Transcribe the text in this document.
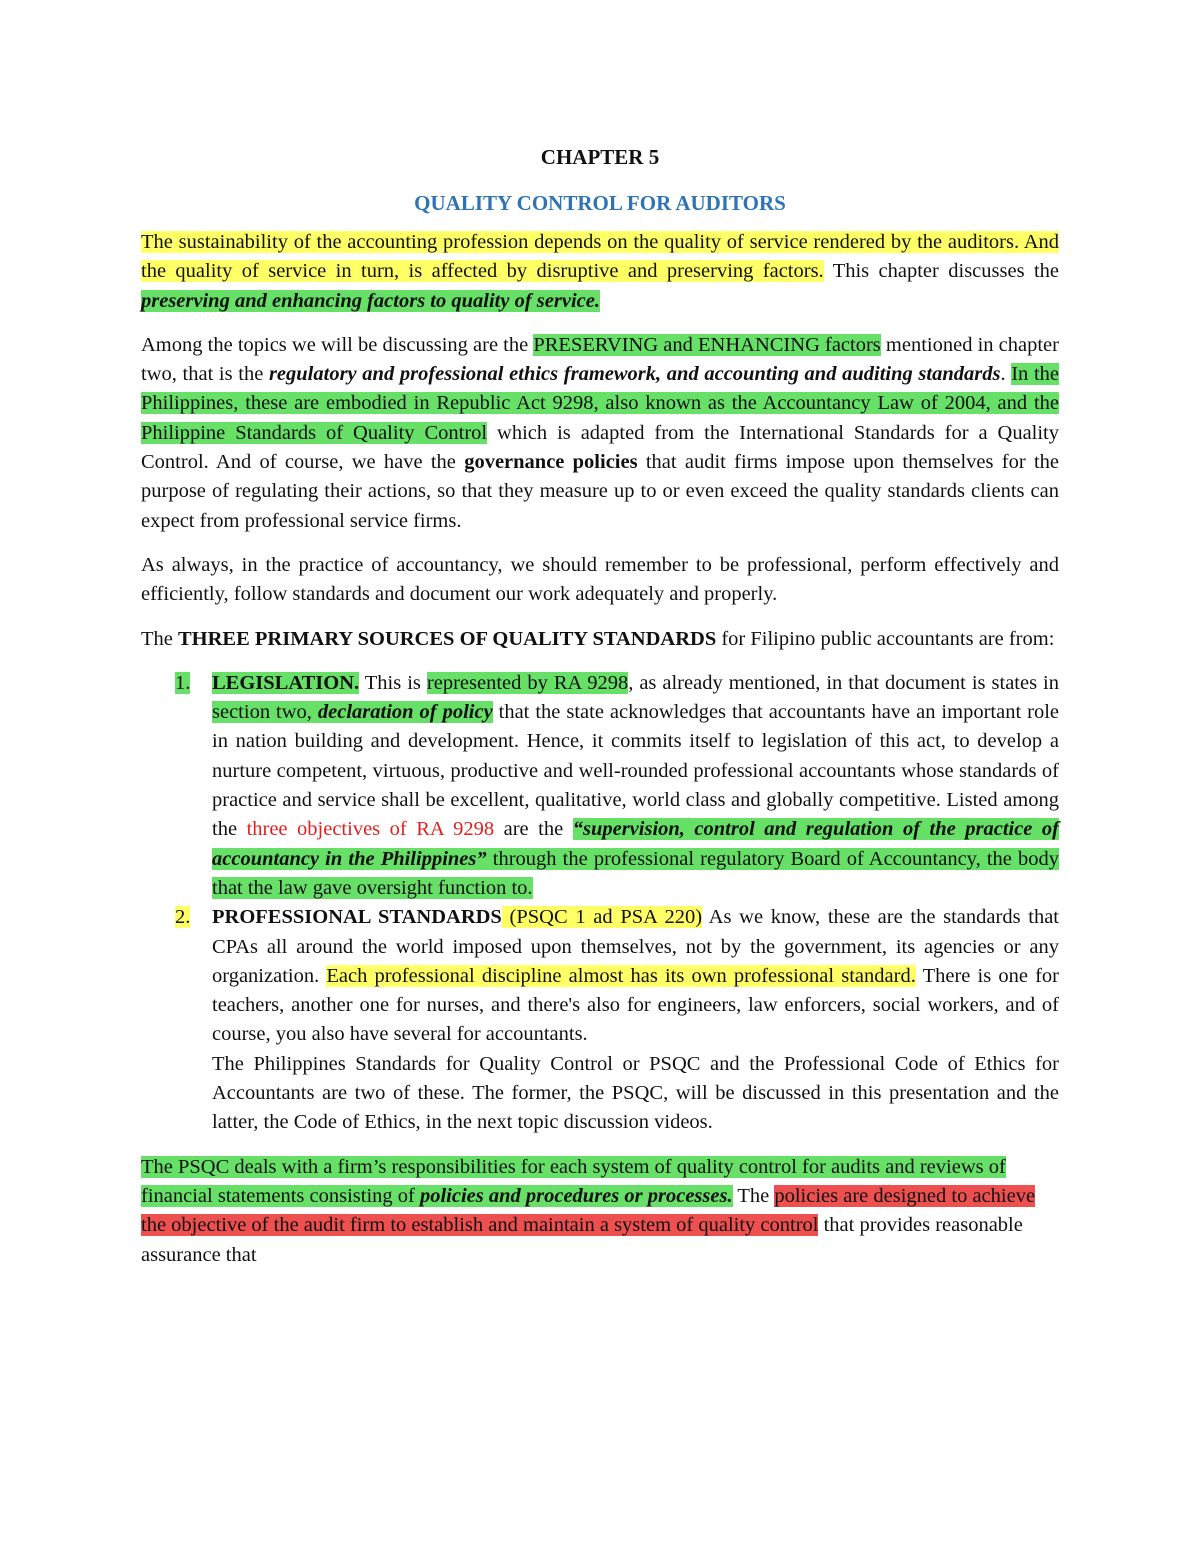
CHAPTER 5
QUALITY CONTROL FOR AUDITORS

The sustainability of the accounting profession depends on the quality of service rendered by the auditors. And the quality of service in turn, is affected by disruptive and preserving factors. This chapter discusses the preserving and enhancing factors to quality of service.

Among the topics we will be discussing are the PRESERVING and ENHANCING factors mentioned in chapter two, that is the regulatory and professional ethics framework, and accounting and auditing standards. In the Philippines, these are embodied in Republic Act 9298, also known as the Accountancy Law of 2004, and the Philippine Standards of Quality Control which is adapted from the International Standards for a Quality Control. And of course, we have the governance policies that audit firms impose upon themselves for the purpose of regulating their actions, so that they measure up to or even exceed the quality standards clients can expect from professional service firms.

As always, in the practice of accountancy, we should remember to be professional, perform effectively and efficiently, follow standards and document our work adequately and properly.

The THREE PRIMARY SOURCES OF QUALITY STANDARDS for Filipino public accountants are from:

1.	LEGISLATION. This is represented by RA 9298, as already mentioned, in that document is states in section two, declaration of policy that the state acknowledges that accountants have an important role in nation building and development. Hence, it commits itself to legislation of this act, to develop a nurture competent, virtuous, productive and well-rounded professional accountants whose standards of practice and service shall be excellent, qualitative, world class and globally competitive. Listed among the three objectives of RA 9298 are the “supervision, control and regulation of the practice of accountancy in the Philippines” through the professional regulatory Board of Accountancy, the body that the law gave oversight function to.
2.	PROFESSIONAL STANDARDS (PSQC 1 ad PSA 220) As we know, these are the standards that CPAs all around the world imposed upon themselves, not by the government, its agencies or any organization. Each professional discipline almost has its own professional standard. There is one for teachers, another one for nurses, and there's also for engineers, law enforcers, social workers, and of course, you also have several for accountants.
The Philippines Standards for Quality Control or PSQC and the Professional Code of Ethics for Accountants are two of these. The former, the PSQC, will be discussed in this presentation and the latter, the Code of Ethics, in the next topic discussion videos.

The PSQC deals with a firm’s responsibilities for each system of quality control for audits and reviews of financial statements consisting of policies and procedures or processes. The policies are designed to achieve the objective of the audit firm to establish and maintain a system of quality control that provides reasonable assurance that
